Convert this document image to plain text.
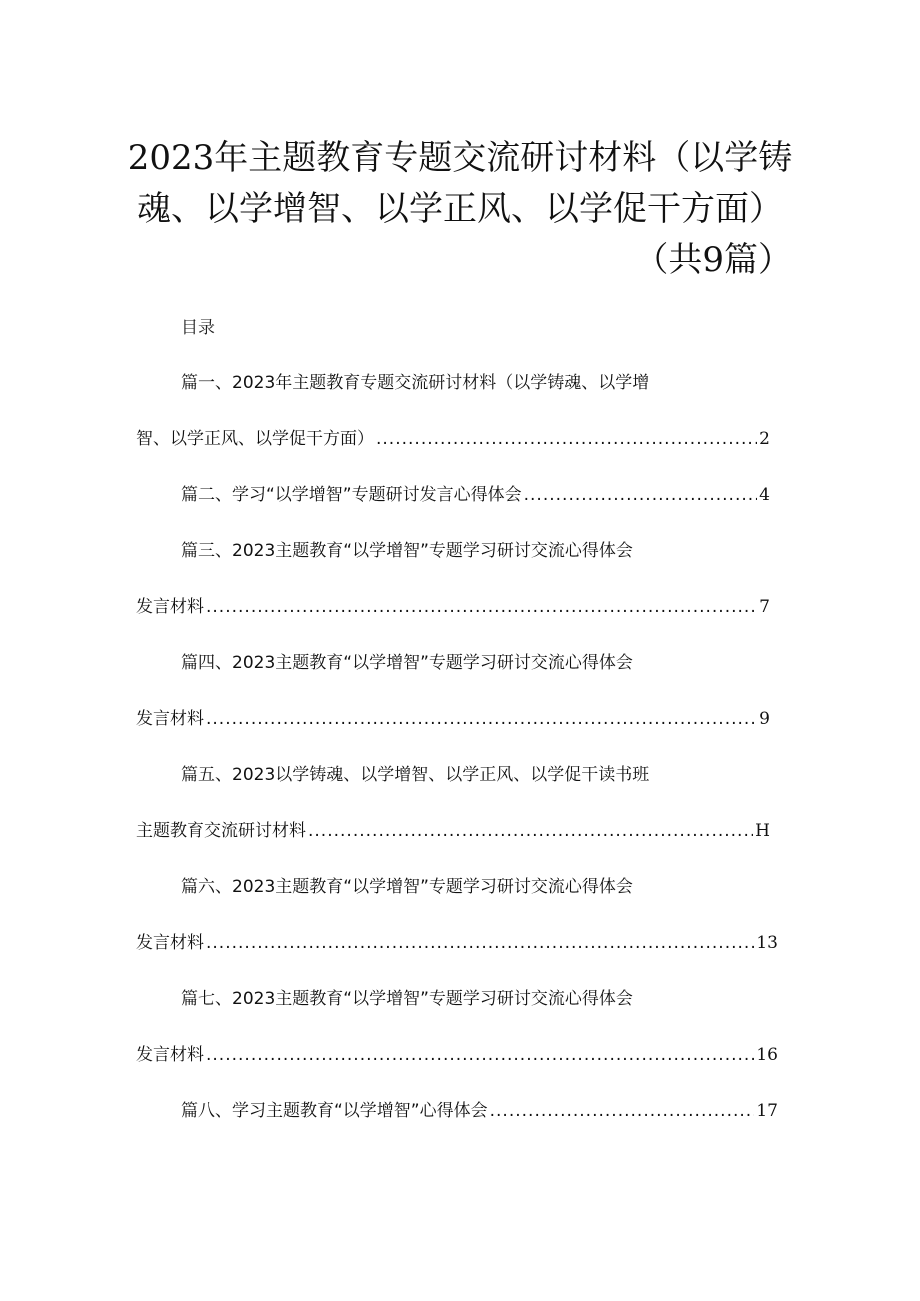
2023年主题教育专题交流研讨材料（以学铸
魂、以学增智、以学正风、以学促干方面）
（共9篇）
目录
篇一、2023年主题教育专题交流研讨材料（以学铸魂、以学增
智、以学正风、以学促干方面） .....	2
篇二、学习“以学增智”专题研讨发言心得体会 .....	4
篇三、2023主题教育“以学增智”专题学习研讨交流心得体会
发言材料 .....	7
篇四、2023主题教育“以学增智”专题学习研讨交流心得体会
发言材料 .....	9
篇五、2023以学铸魂、以学增智、以学正风、以学促干读书班
主题教育交流研讨材料 .....	H
篇六、2023主题教育“以学增智”专题学习研讨交流心得体会
发言材料 .....	13
篇七、2023主题教育“以学增智”专题学习研讨交流心得体会
发言材料 .....	16
篇八、学习主题教育“以学增智”心得体会 .....	17
